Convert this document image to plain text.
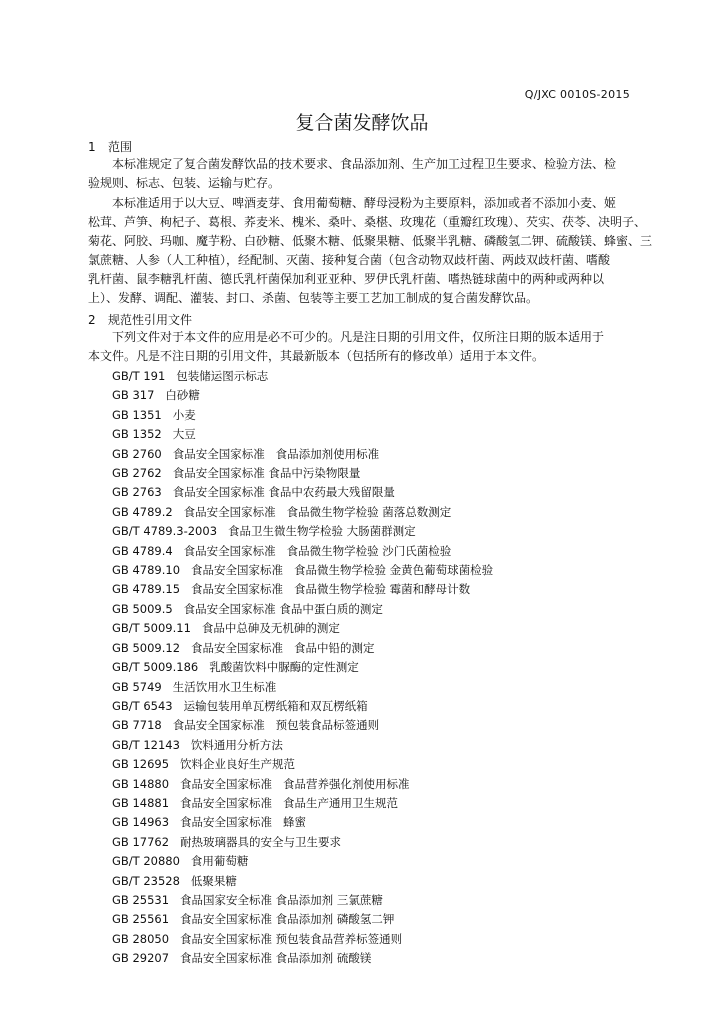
Q/JXC 0010S-2015
复合菌发酵饮品
1 范围
本标准规定了复合菌发酵饮品的技术要求、食品添加剂、生产加工过程卫生要求、检验方法、检
验规则、标志、包装、运输与贮存。
本标准适用于以大豆、啤酒麦芽、食用葡萄糖、酵母浸粉为主要原料，添加或者不添加小麦、姬
松茸、芦笋、枸杞子、葛根、荞麦米、槐米、桑叶、桑椹、玫瑰花（重瓣红玫瑰）、芡实、茯苓、决明子、
菊花、阿胶、玛咖、魔芋粉、白砂糖、低聚木糖、低聚果糖、低聚半乳糖、磷酸氢二钾、硫酸镁、蜂蜜、三
氯蔗糖、人参（人工种植），经配制、灭菌、接种复合菌（包含动物双歧杆菌、两歧双歧杆菌、嗜酸
乳杆菌、鼠李糖乳杆菌、德氏乳杆菌保加利亚亚种、罗伊氏乳杆菌、嗜热链球菌中的两种或两种以
上）、发酵、调配、灌装、封口、杀菌、包装等主要工艺加工制成的复合菌发酵饮品。
2 规范性引用文件
下列文件对于本文件的应用是必不可少的。凡是注日期的引用文件，仅所注日期的版本适用于
本文件。凡是不注日期的引用文件，其最新版本（包括所有的修改单）适用于本文件。
GB/T 191   包装储运图示标志
GB 317   白砂糖
GB 1351   小麦
GB 1352   大豆
GB 2760   食品安全国家标准   食品添加剂使用标准
GB 2762   食品安全国家标准 食品中污染物限量
GB 2763   食品安全国家标准 食品中农药最大残留限量
GB 4789.2   食品安全国家标准   食品微生物学检验 菌落总数测定
GB/T 4789.3-2003   食品卫生微生物学检验 大肠菌群测定
GB 4789.4   食品安全国家标准   食品微生物学检验 沙门氏菌检验
GB 4789.10   食品安全国家标准   食品微生物学检验 金黄色葡萄球菌检验
GB 4789.15   食品安全国家标准   食品微生物学检验 霉菌和酵母计数
GB 5009.5   食品安全国家标准 食品中蛋白质的测定
GB/T 5009.11   食品中总砷及无机砷的测定
GB 5009.12   食品安全国家标准   食品中铅的测定
GB/T 5009.186   乳酸菌饮料中脲酶的定性测定
GB 5749   生活饮用水卫生标准
GB/T 6543   运输包装用单瓦楞纸箱和双瓦楞纸箱
GB 7718   食品安全国家标准   预包装食品标签通则
GB/T 12143   饮料通用分析方法
GB 12695   饮料企业良好生产规范
GB 14880   食品安全国家标准   食品营养强化剂使用标准
GB 14881   食品安全国家标准   食品生产通用卫生规范
GB 14963   食品安全国家标准   蜂蜜
GB 17762   耐热玻璃器具的安全与卫生要求
GB/T 20880   食用葡萄糖
GB/T 23528   低聚果糖
GB 25531   食品国家安全标准 食品添加剂 三氯蔗糖
GB 25561   食品安全国家标准 食品添加剂 磷酸氢二钾
GB 28050   食品安全国家标准 预包装食品营养标签通则
GB 29207   食品安全国家标准 食品添加剂 硫酸镁
